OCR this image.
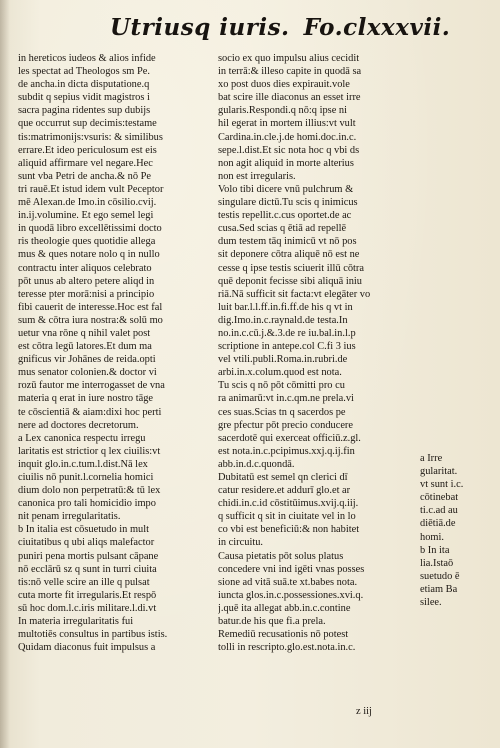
Utriusq iuris. Fo.clxxxvii.
in hereticos iudeos & alios infide
les spectat ad Theologos sm Pe.
de ancha.in dicta disputatione.q
subdit q sepius vidit magistros i
sacra pagina ridentes sup dubijs
que occurrut sup decimis:testame
tis:matrimonijs:vsuris: & similibus
errare.Et ideo periculosum est eis
aliquid affirmare vel negare.Hec
sunt vba Petri de ancha.& nō Pe
tri rauē.Et istud idem vult Peceptor
mē Alexan.de Imo.in cōsilio.cvij.
in.ij.volumine. Et ego semel legi
in quodā libro excellētissimi docto
ris theologie ques quotidie allega
mus & ques notare nolo q in nullo
contractu inter aliquos celebrato
pōt unus ab altero petere aliqd in
teresse pter morā:nisi a principio
fibi cauerit de interesse.Hoc est fal
sum & cōtra iura nostra:& solū mo
uetur vna rōne q nihil valet post
est cōtra legū latores.Et dum ma
gnificus vir Johānes de reida.opti
mus senator colonien.& doctor vi
rozū fautor me interrogasset de vna
materia q erat in iure nostro tāge
te cōscientiā & aiam:dixi hoc perti
nere ad doctores decretorum.
a Lex canonica respectu irregu
laritatis est strictior q lex ciuilis:vt
inquit glo.in.c.tum.l.dist.Nā lex
ciuilis nō punit.l.cornelia homici
dium dolo non perpetratū:& tū lex
canonica pro tali homicidio impo
nit penam irregularitatis.
b In italia est cōsuetudo in mult
ciuitatibus q ubi aliqs malefactor
puniri pena mortis pulsant cāpane
nō ecclārū sz q sunt in turri ciuita
tis:nō velle scire an ille q pulsat
cuta morte fit irregularis.Et respō
sū hoc dom.l.c.iris militare.l.di.vt
In materia irregularitatis fui
multotiēs consultus in partibus istis.
Quidam diaconus fuit impulsus a
socio ex quo impulsu alius cecidit
in terrā:& illeso capite in quodā sa
xo post duos dies expirauit.vole
bat scire ille diaconus an esset irre
gularis.Respondi.q nō:q ipse ni
hil egerat in mortem illius:vt vult
Cardina.in.cle.j.de homi.doc.in.c.
sepe.l.dist.Et sic nota hoc q vbi ds
non agit aliquid in morte alterius
non est irregularis.
Volo tibi dicere vnū pulchrum &
singulare dictū.Tu scis q inimicus
testis repellit.c.cus oportet.de ac
cusa.Sed scias q ētiā ad repellē
dum testem tāq inimicū vt nō pos
sit deponere cōtra aliquē nō est ne
cesse q ipse testis sciuerit illū cōtra
quē deponit fecisse sibi aliquā iniu
riā.Nā sufficit sit facta:vt elegāter vo
luit bar.l.l.ff.in.fi.ff.de his q vt in
dig.Imo.in.c.raynald.de testa.In
no.in.c.cū.j.&.3.de re iu.bal.in.l.p
scriptione in antepe.col C.fi 3 ius
vel vtili.publi.Roma.in.rubri.de
arbi.in.x.colum.quod est nota.
Tu scis q nō pōt cōmitti pro cu
ra animarū:vt in.c.qm.ne prela.vi
ces suas.Scias tn q sacerdos pe
gre pfectur pōt precio conducere
sacerdotē qui exerceat officiū.z.gl.
est nota.in.c.pcipimus.xxj.q.ij.fin
abb.in.d.c.quondā.
Dubitatū est semel qn clerici dī
catur residere.et addurī glo.et ar
chidi.in.c.id cōstitūimus.xvij.q.iij.
q sufficit q sit in ciuitate vel in lo
co vbi est beneficiū:& non habitet
in circuitu.
Causa pietatis pōt solus platus
concedere vni ind igēti vnas posses
sione ad vitā suā.te xt.babes nota.
iuncta glos.in.c.possessiones.xvi.q.
j.quē ita allegat abb.in.c.contine
batur.de his que fi.a prela.
Remediū recusationis nō potest
tolli in rescripto.glo.est.nota.in.c.
a Irre
gularitat.
vt sunt i.c.
cōtinebat
ti.c.ad au
diētiā.de
homi.
b In ita
lia.Istaō
suetudo ē
etiam Ba
silee.
z iij
